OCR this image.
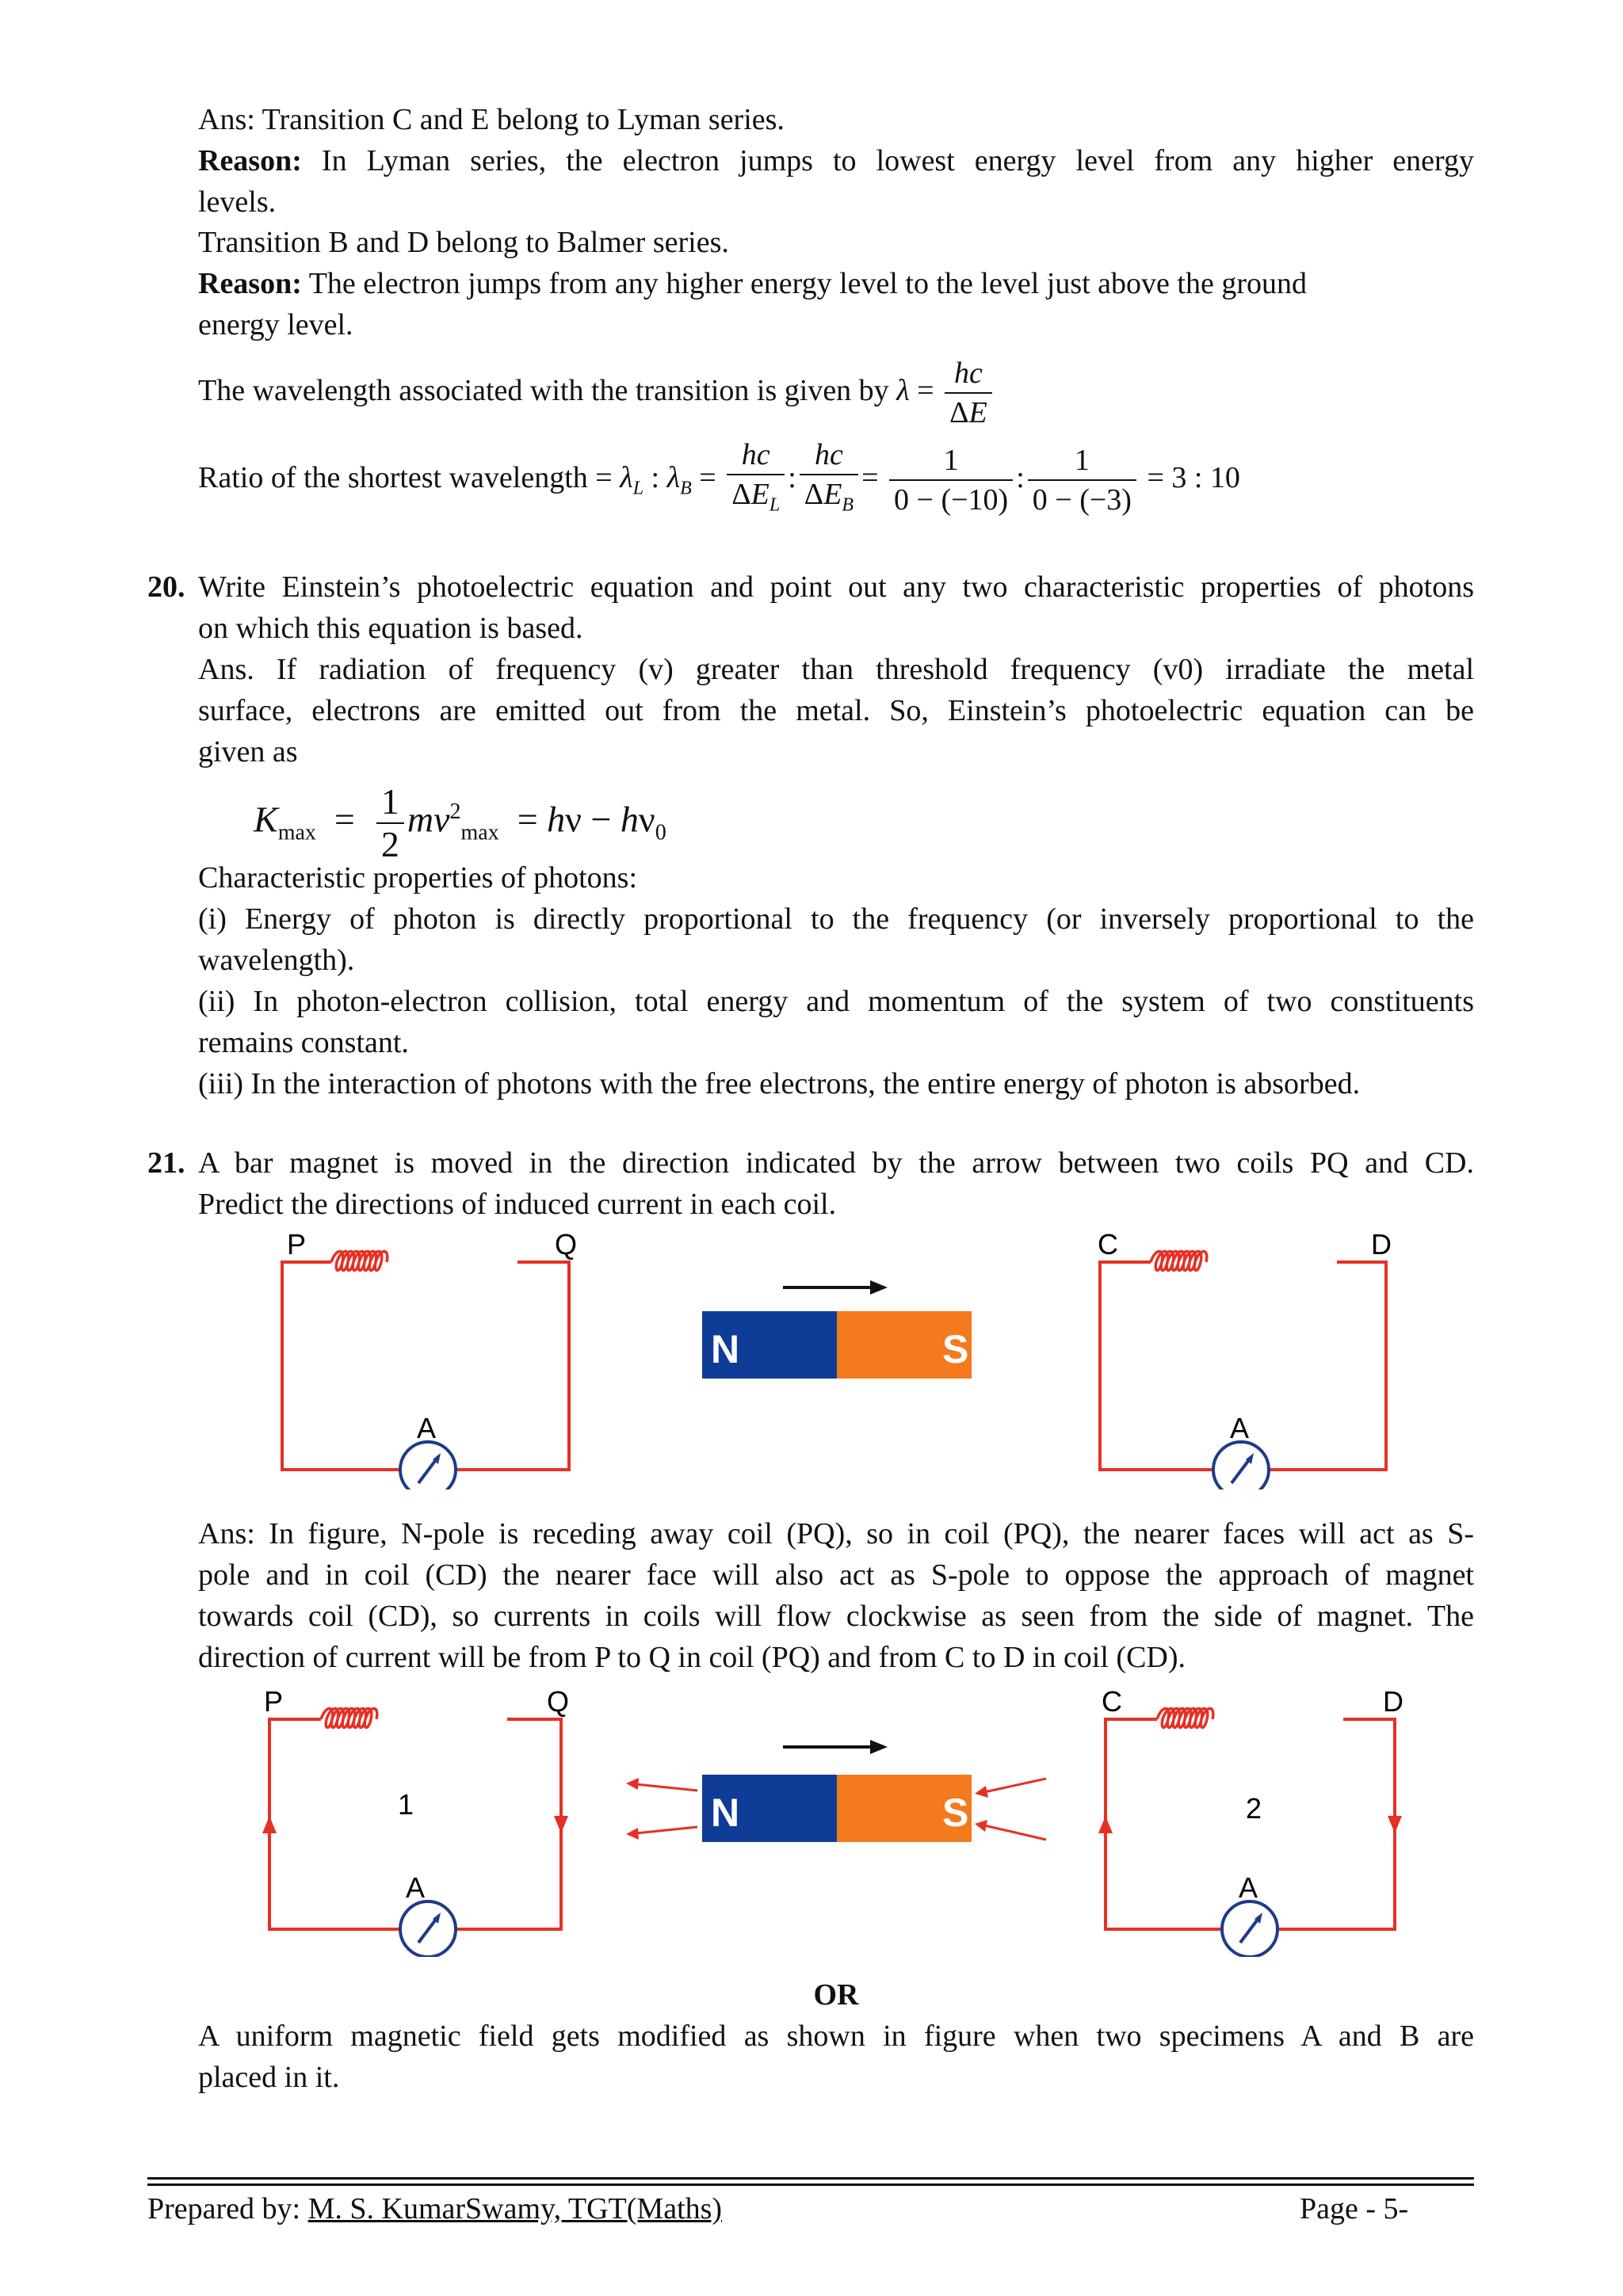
Ans: Transition C and E belong to Lyman series.
Reason: In Lyman series, the electron jumps to lowest energy level from any higher energy
levels.
Transition B and D belong to Balmer series.
Reason: The electron jumps from any higher energy level to the level just above the ground
energy level.
The wavelength associated with the transition is given by $\lambda = \frac{hc}{\Delta E}$
Ratio of the shortest wavelength = $\lambda_L$ : $\lambda_B = \frac{hc}{\Delta E_L}$ : $\frac{hc}{\Delta E_B} = \frac{1}{0 - (-10)}$ : $\frac{1}{0 - (-3)} = 3$ : 10
20. Write Einstein’s photoelectric equation and point out any two characteristic properties of photons
on which this equation is based.
Ans. If radiation of frequency (v) greater than threshold frequency (v0) irradiate the metal
surface, electrons are emitted out from the metal. So, Einstein’s photoelectric equation can be
given as
$K_{max} = \frac{1}{2} mv^2_{max} = h\nu - h\nu_0$
Characteristic properties of photons:
(i) Energy of photon is directly proportional to the frequency (or inversely proportional to the
wavelength).
(ii) In photon-electron collision, total energy and momentum of the system of two constituents
remains constant.
(iii) In the interaction of photons with the free electrons, the entire energy of photon is absorbed.
21. A bar magnet is moved in the direction indicated by the arrow between two coils PQ and CD.
Predict the directions of induced current in each coil.
P	Q
A
N	S
C	D
A
Ans: In figure, N-pole is receding away coil (PQ), so in coil (PQ), the nearer faces will act as S-
pole and in coil (CD) the nearer face will also act as S-pole to oppose the approach of magnet
towards coil (CD), so currents in coils will flow clockwise as seen from the side of magnet. The
direction of current will be from P to Q in coil (PQ) and from C to D in coil (CD).
P	Q
1
A
N	S
C	D
2
A
OR
A uniform magnetic field gets modified as shown in figure when two specimens A and B are
placed in it.
Prepared by: M. S. KumarSwamy, TGT(Maths)	Page - 5-
